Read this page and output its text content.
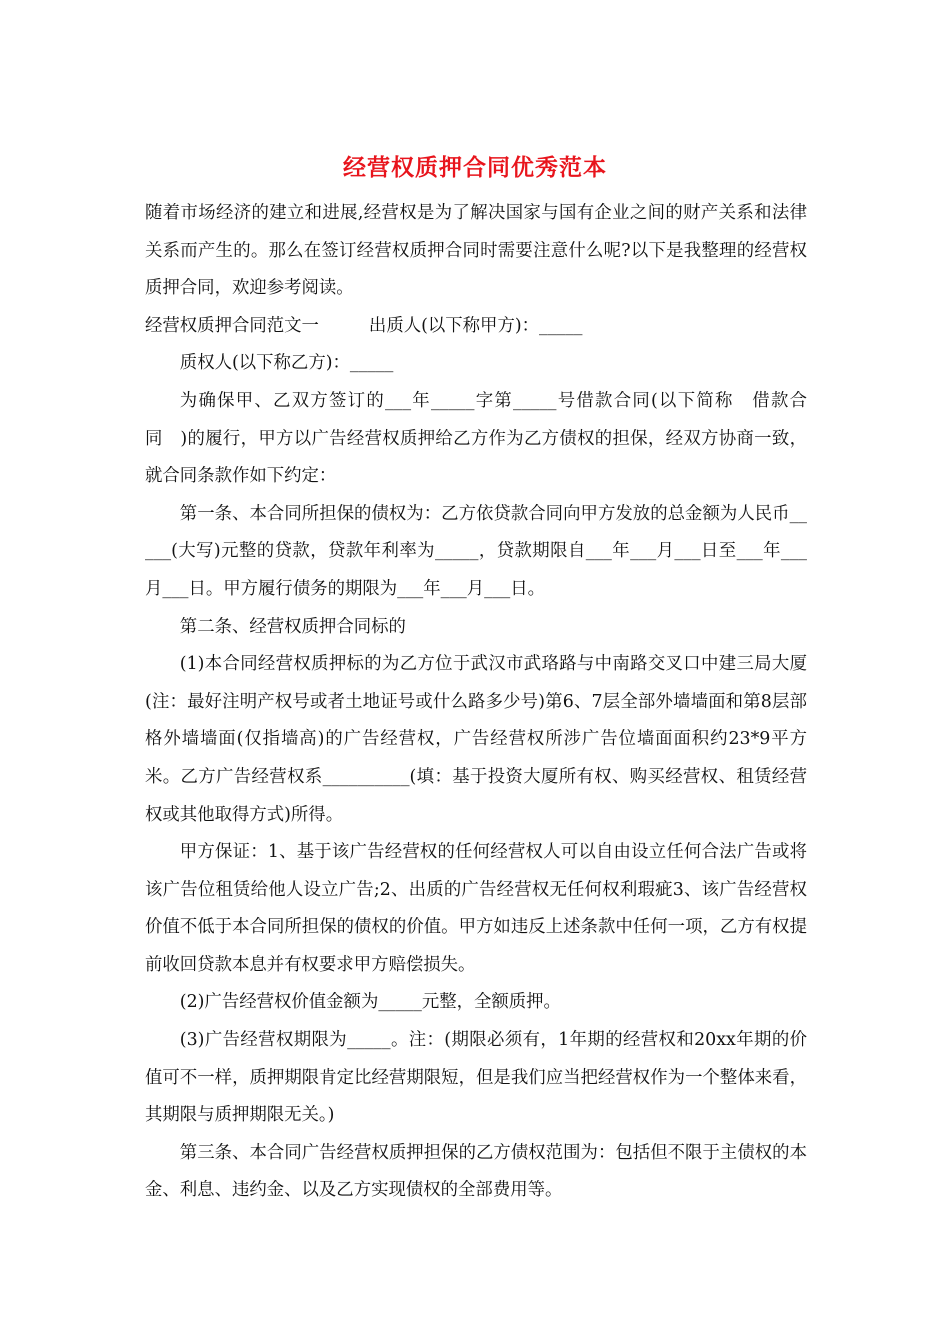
经营权质押合同优秀范本

随着市场经济的建立和进展,经营权是为了解决国家与国有企业之间的财产关系和法律关系而产生的。那么在签订经营权质押合同时需要注意什么呢?以下是我整理的经营权质押合同，欢迎参考阅读。

经营权质押合同范文一	出质人(以下称甲方)：_____

质权人(以下称乙方)：_____

为确保甲、乙双方签订的___年_____字第_____号借款合同(以下简称　借款合同　)的履行，甲方以广告经营权质押给乙方作为乙方债权的担保，经双方协商一致，就合同条款作如下约定：

第一条、本合同所担保的债权为：乙方依贷款合同向甲方发放的总金额为人民币_____(大写)元整的贷款，贷款年利率为_____，贷款期限自___年___月___日至___年___月___日。甲方履行债务的期限为___年___月___日。

第二条、经营权质押合同标的

(1)本合同经营权质押标的为乙方位于武汉市武珞路与中南路交叉口中建三局大厦(注：最好注明产权号或者土地证号或什么路多少号)第6、7层全部外墙墙面和第8层部格外墙墙面(仅指墙高)的广告经营权，广告经营权所涉广告位墙面面积约23*9平方米。乙方广告经营权系__________(填：基于投资大厦所有权、购买经营权、租赁经营权或其他取得方式)所得。

甲方保证：1、基于该广告经营权的任何经营权人可以自由设立任何合法广告或将该广告位租赁给他人设立广告;2、出质的广告经营权无任何权利瑕疵3、该广告经营权价值不低于本合同所担保的债权的价值。甲方如违反上述条款中任何一项，乙方有权提前收回贷款本息并有权要求甲方赔偿损失。

(2)广告经营权价值金额为_____元整，全额质押。

(3)广告经营权期限为_____。注：(期限必须有，1年期的经营权和20xx年期的价值可不一样，质押期限肯定比经营期限短，但是我们应当把经营权作为一个整体来看，其期限与质押期限无关。)

第三条、本合同广告经营权质押担保的乙方债权范围为：包括但不限于主债权的本金、利息、违约金、以及乙方实现债权的全部费用等。
